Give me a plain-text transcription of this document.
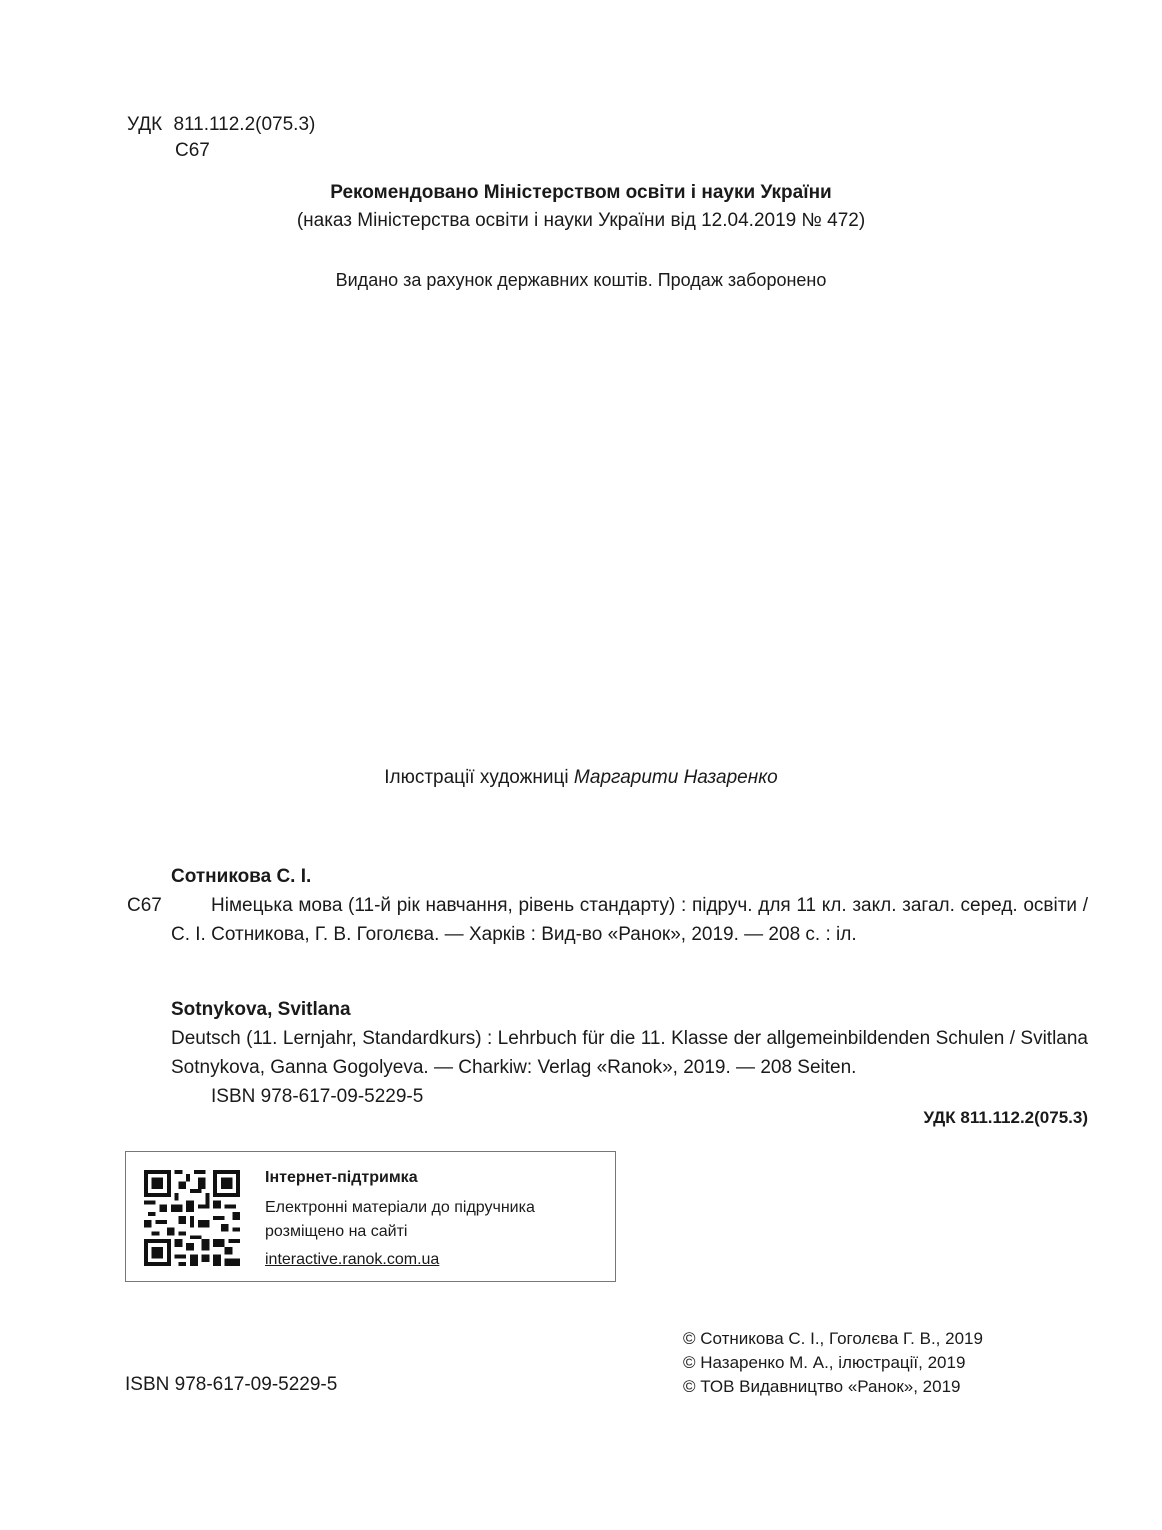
УДК 811.112.2(075.3)
С67
Рекомендовано Міністерством освіти і науки України
(наказ Міністерства освіти і науки України від 12.04.2019 № 472)
Видано за рахунок державних коштів. Продаж заборонено
Ілюстрації художниці Маргарити Назаренко
Сотникова С. І.
С67	Німецька мова (11-й рік навчання, рівень стандарту) : підруч. для 11 кл. закл. загал. серед. освіти / С. І. Сотникова, Г. В. Гоголєва. — Харків : Вид-во «Ранок», 2019. — 208 с. : іл.
Sotnykova, Svitlana
Deutsch (11. Lernjahr, Standardkurs) : Lehrbuch für die 11. Klasse der allgemeinbildenden Schulen / Svitlana Sotnykova, Ganna Gogolyeva. — Charkiw: Verlag «Ranok», 2019. — 208 Seiten.
ISBN 978-617-09-5229-5
УДК 811.112.2(075.3)
Інтернет-підтримка
Електронні матеріали до підручника розміщено на сайті
interactive.ranok.com.ua
ISBN 978-617-09-5229-5
© Сотникова С. І., Гоголєва Г. В., 2019
© Назаренко М. А., ілюстрації, 2019
© ТОВ Видавництво «Ранок», 2019
